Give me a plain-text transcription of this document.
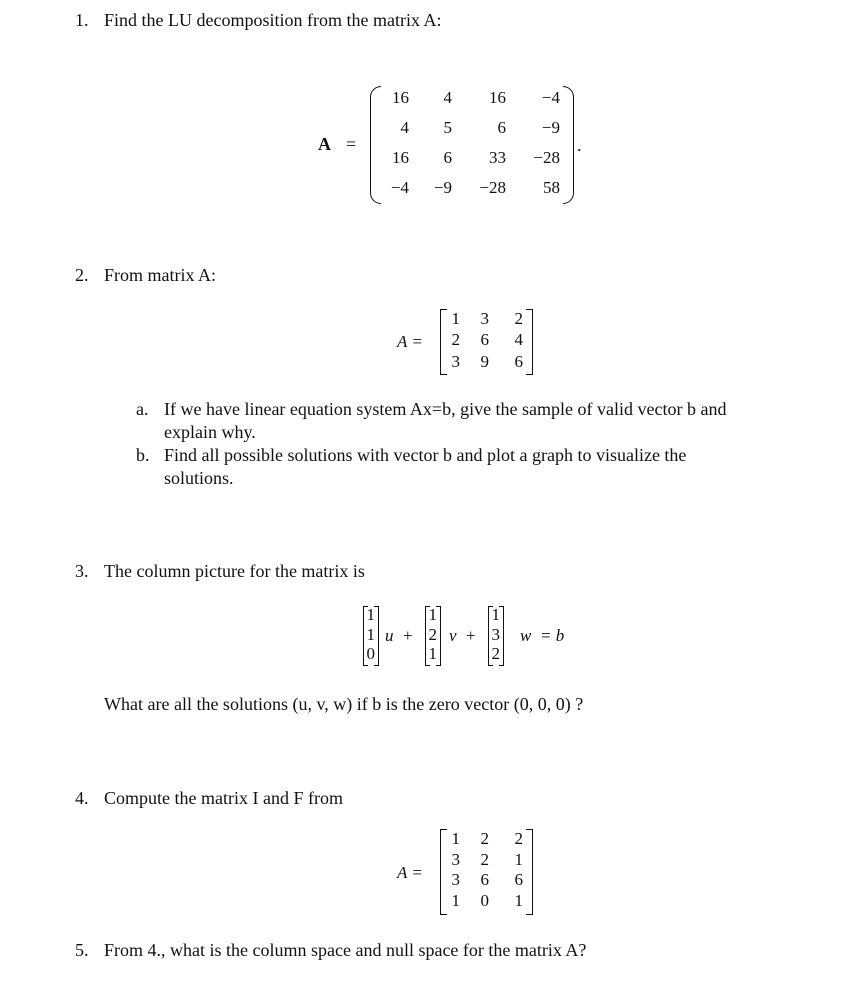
1. Find the LU decomposition from the matrix A:
A =
16 4 16 −4
4 5	6 −9
16 6 33 −28
−4 −9 −28 58
.
2. From matrix A:
A =
1 3 2
2 6 4
3 9 6
a. If we have linear equation system Ax=b, give the sample of valid vector b and
explain why.
b. Find all possible solutions with vector b and plot a graph to visualize the
solutions.
3. The column picture for the matrix is
1
1
0
u +
1
2
1
v +
1
3
2
w = b
What are all the solutions (u, v, w) if b is the zero vector (0, 0, 0) ?
4. Compute the matrix I and F from
A =
1 2 2
3 2 1
3 6 6
1 0 1
5. From 4., what is the column space and null space for the matrix A?
